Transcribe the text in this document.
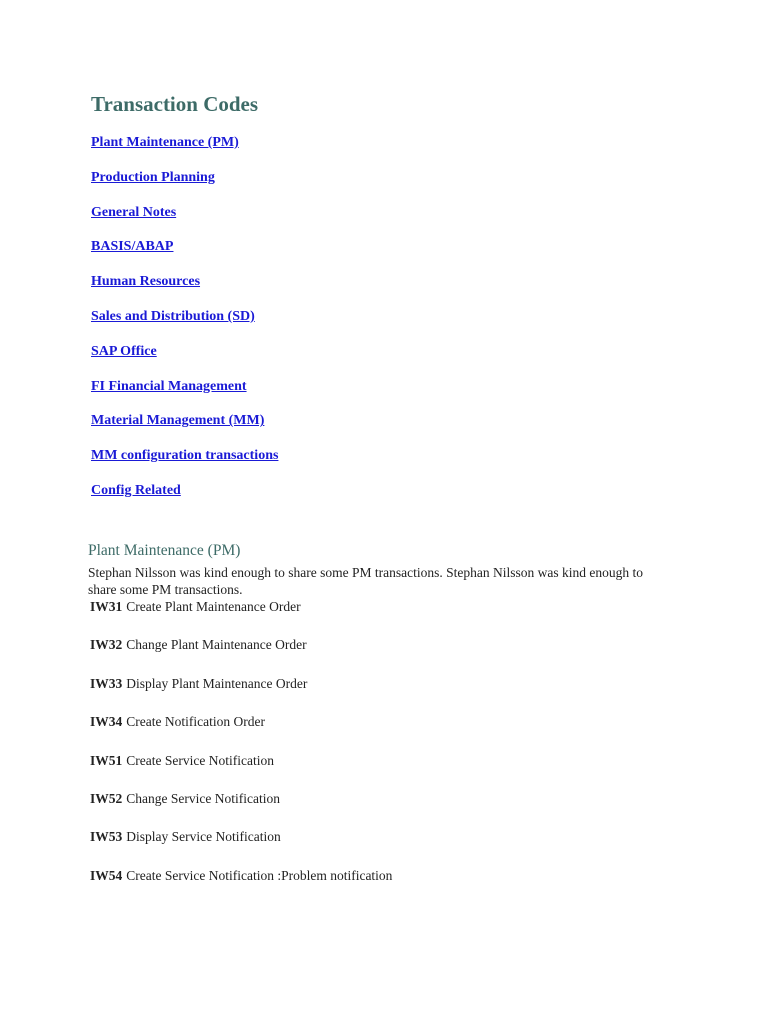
Transaction Codes
Plant Maintenance (PM)
Production Planning
General Notes
BASIS/ABAP
Human Resources
Sales and Distribution (SD)
SAP Office
FI Financial Management
Material Management (MM)
MM configuration transactions
Config Related
Plant Maintenance (PM)

Stephan Nilsson was kind enough to share some PM transactions. Stephan Nilsson was kind enough to share some PM transactions.

IW31 Create Plant Maintenance Order
IW32 Change Plant Maintenance Order
IW33 Display Plant Maintenance Order
IW34 Create Notification Order
IW51 Create Service Notification
IW52 Change Service Notification
IW53 Display Service Notification
IW54 Create Service Notification :Problem notification
